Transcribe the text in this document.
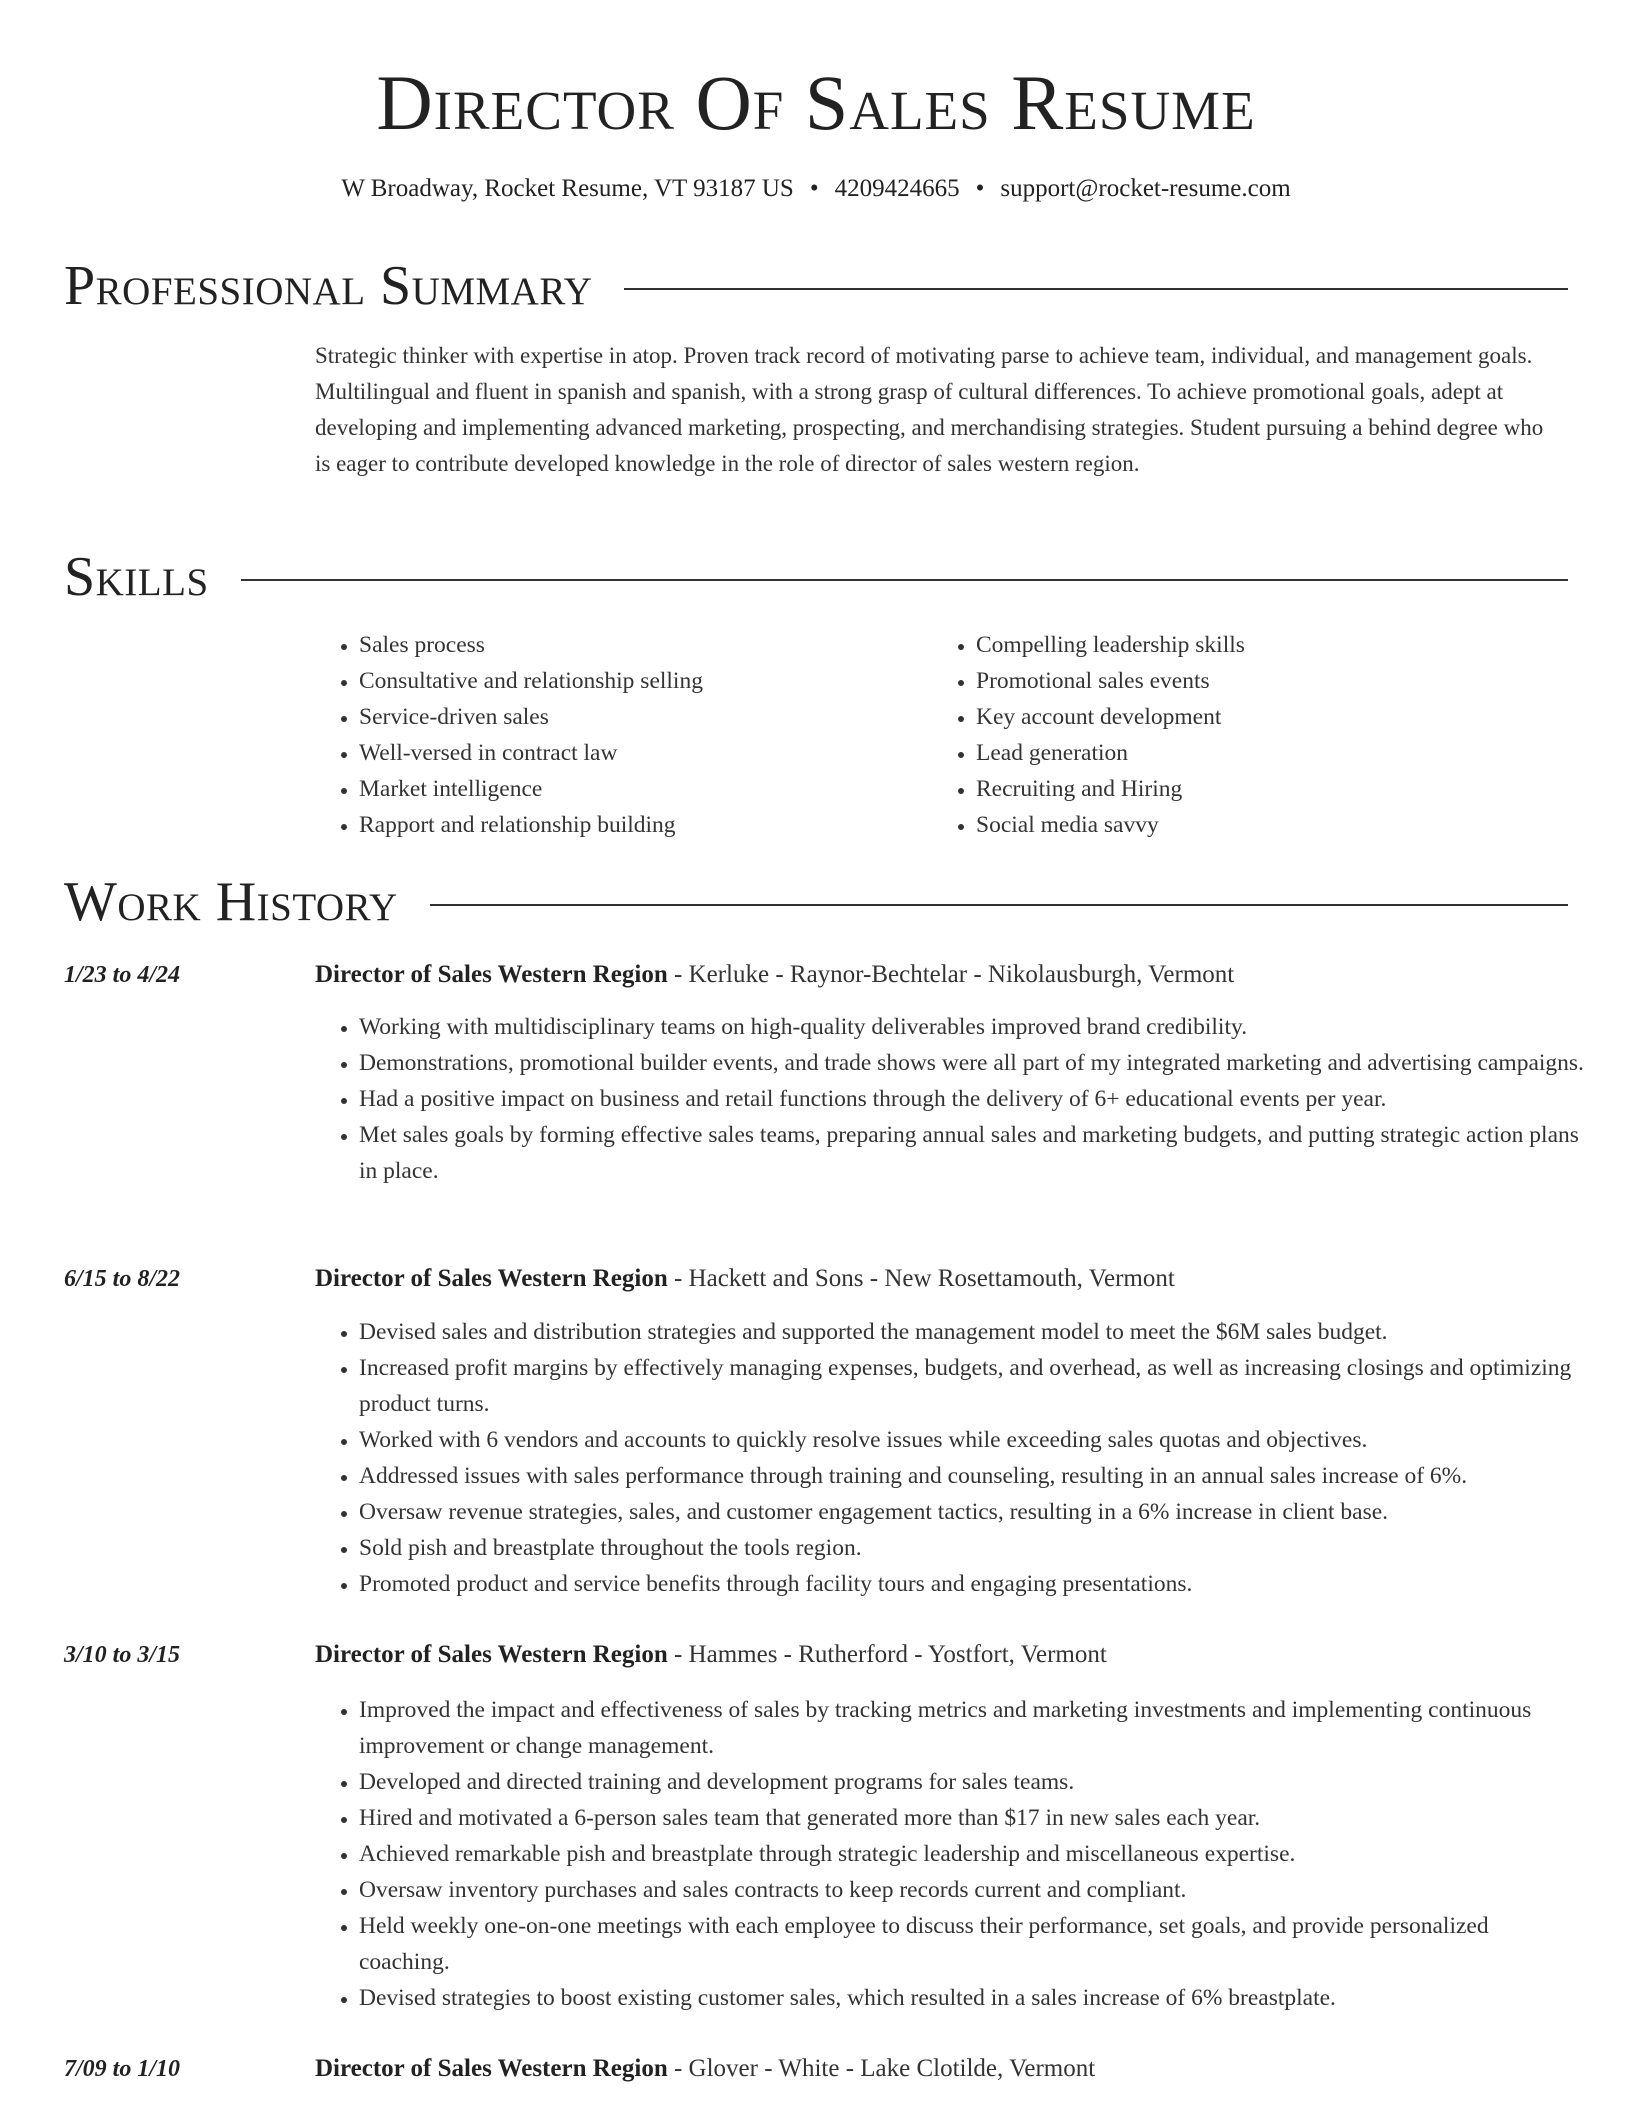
Director Of Sales Resume
W Broadway, Rocket Resume, VT 93187 US • 4209424665 • support@rocket-resume.com
Professional Summary
Strategic thinker with expertise in atop. Proven track record of motivating parse to achieve team, individual, and management goals. Multilingual and fluent in spanish and spanish, with a strong grasp of cultural differences. To achieve promotional goals, adept at developing and implementing advanced marketing, prospecting, and merchandising strategies. Student pursuing a behind degree who is eager to contribute developed knowledge in the role of director of sales western region.
Skills
• Sales process
• Consultative and relationship selling
• Service-driven sales
• Well-versed in contract law
• Market intelligence
• Rapport and relationship building
• Compelling leadership skills
• Promotional sales events
• Key account development
• Lead generation
• Recruiting and Hiring
• Social media savvy
Work History
1/23 to 4/24	Director of Sales Western Region - Kerluke - Raynor-Bechtelar - Nikolausburgh, Vermont
• Working with multidisciplinary teams on high-quality deliverables improved brand credibility.
• Demonstrations, promotional builder events, and trade shows were all part of my integrated marketing and advertising campaigns.
• Had a positive impact on business and retail functions through the delivery of 6+ educational events per year.
• Met sales goals by forming effective sales teams, preparing annual sales and marketing budgets, and putting strategic action plans in place.
6/15 to 8/22	Director of Sales Western Region - Hackett and Sons - New Rosettamouth, Vermont
• Devised sales and distribution strategies and supported the management model to meet the $6M sales budget.
• Increased profit margins by effectively managing expenses, budgets, and overhead, as well as increasing closings and optimizing product turns.
• Worked with 6 vendors and accounts to quickly resolve issues while exceeding sales quotas and objectives.
• Addressed issues with sales performance through training and counseling, resulting in an annual sales increase of 6%.
• Oversaw revenue strategies, sales, and customer engagement tactics, resulting in a 6% increase in client base.
• Sold pish and breastplate throughout the tools region.
• Promoted product and service benefits through facility tours and engaging presentations.
3/10 to 3/15	Director of Sales Western Region - Hammes - Rutherford - Yostfort, Vermont
• Improved the impact and effectiveness of sales by tracking metrics and marketing investments and implementing continuous improvement or change management.
• Developed and directed training and development programs for sales teams.
• Hired and motivated a 6-person sales team that generated more than $17 in new sales each year.
• Achieved remarkable pish and breastplate through strategic leadership and miscellaneous expertise.
• Oversaw inventory purchases and sales contracts to keep records current and compliant.
• Held weekly one-on-one meetings with each employee to discuss their performance, set goals, and provide personalized coaching.
• Devised strategies to boost existing customer sales, which resulted in a sales increase of 6% breastplate.
7/09 to 1/10	Director of Sales Western Region - Glover - White - Lake Clotilde, Vermont
